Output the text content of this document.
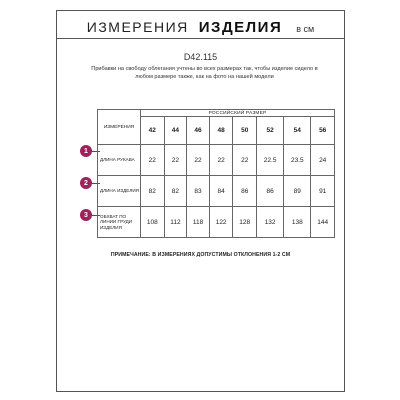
ИЗМЕРЕНИЯ ИЗДЕЛИЯ в см
D42.115
Прибавки на свободу облегания учтены во всех размерах так, чтобы изделие сидело в любом размере также, как на фото на нашей модели
1
2
3
ИЗМЕРЕНИЯ	РОССИЙСКИЙ РАЗМЕР							
	42	44	46	48	50	52	54	56
ДЛИНА РУКАВА	22	22	22	22	22	22.5	23.5	24
ДЛИНА ИЗДЕЛИЯ	82	82	83	84	86	86	89	91
ОБХВАТ ПО ЛИНИИ ГРУДИ ИЗДЕЛИЯ	108	112	118	122	128	132	138	144
ПРИМЕЧАНИЕ: В ИЗМЕРЕНИЯХ ДОПУСТИМЫ ОТКЛОНЕНИЯ 1-2 СМ
